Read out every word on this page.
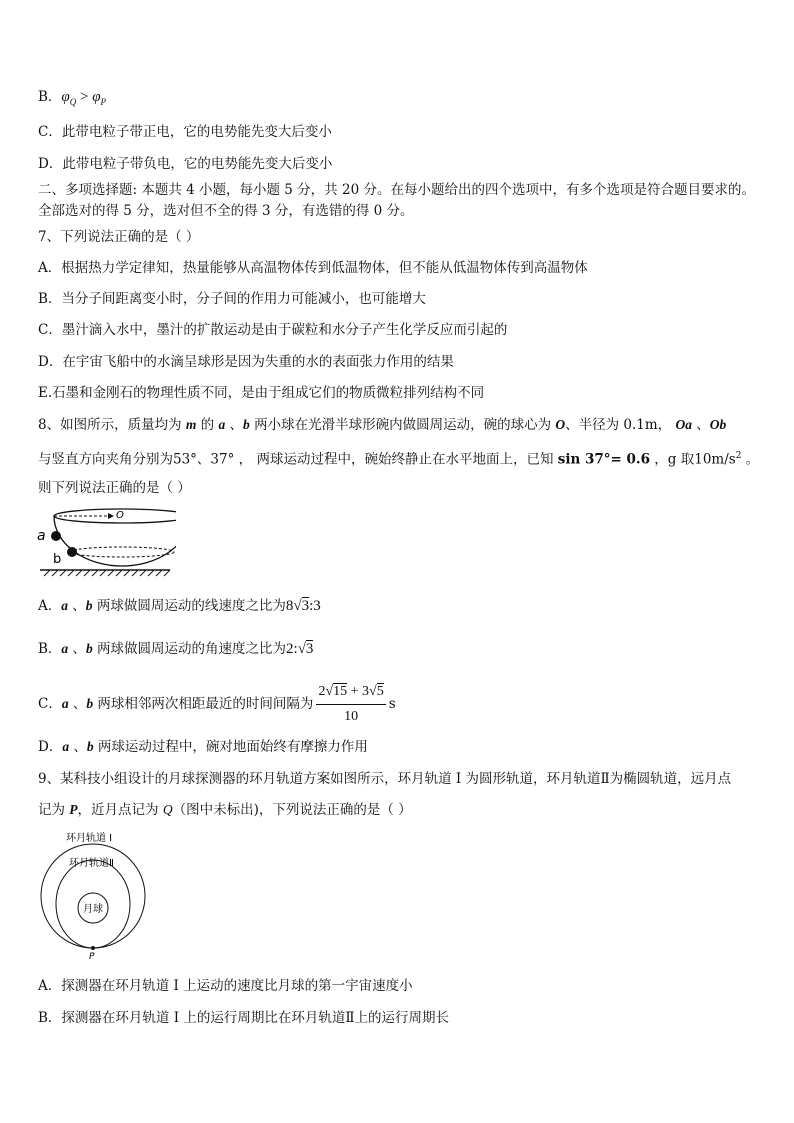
B．$\varphi_Q > \varphi_P$
C．此带电粒子带正电，它的电势能先变大后变小
D．此带电粒子带负电，它的电势能先变大后变小
二、多项选择题: 本题共 4 小题，每小题 5 分，共 20 分。在每小题给出的四个选项中，有多个选项是符合题目要求的。
全部选对的得 5 分，选对但不全的得 3 分，有选错的得 0 分。
7、下列说法正确的是（ ）
A．根据热力学定律知，热量能够从高温物体传到低温物体，但不能从低温物体传到高温物体
B．当分子间距离变小时，分子间的作用力可能减小，也可能增大
C．墨汁滴入水中，墨汁的扩散运动是由于碳粒和水分子产生化学反应而引起的
D．在宇宙飞船中的水滴呈球形是因为失重的水的表面张力作用的结果
E.石墨和金刚石的物理性质不同，是由于组成它们的物质微粒排列结构不同
8、如图所示，质量均为 m 的 a 、b 两小球在光滑半球形碗内做圆周运动，碗的球心为 O、半径为 0.1m， Oa 、Ob
与竖直方向夹角分别为53°、37° ， 两球运动过程中，碗始终静止在水平地面上，已知 sin 37°= 0.6 ，g 取$10m/s^2$ 。
则下列说法正确的是（ ）
O
a
b
A．a 、b 两球做圆周运动的线速度之比为8√3:3
B．a 、b 两球做圆周运动的角速度之比为2:√3
C．a 、b 两球相邻两次相距最近的时间间隔为 $\frac{2√15 + 3√5}{10}$ s
D．a 、b 两球运动过程中，碗对地面始终有摩擦力作用
9、某科技小组设计的月球探测器的环月轨道方案如图所示，环月轨道 I 为圆形轨道，环月轨道Ⅱ为椭圆轨道，远月点
记为 P，近月点记为 Q（图中未标出)，下列说法正确的是（ ）
环月轨道 I
环月轨道Ⅱ
月球
P
A．探测器在环月轨道 I 上运动的速度比月球的第一宇宙速度小
B．探测器在环月轨道 I 上的运行周期比在环月轨道Ⅱ上的运行周期长
